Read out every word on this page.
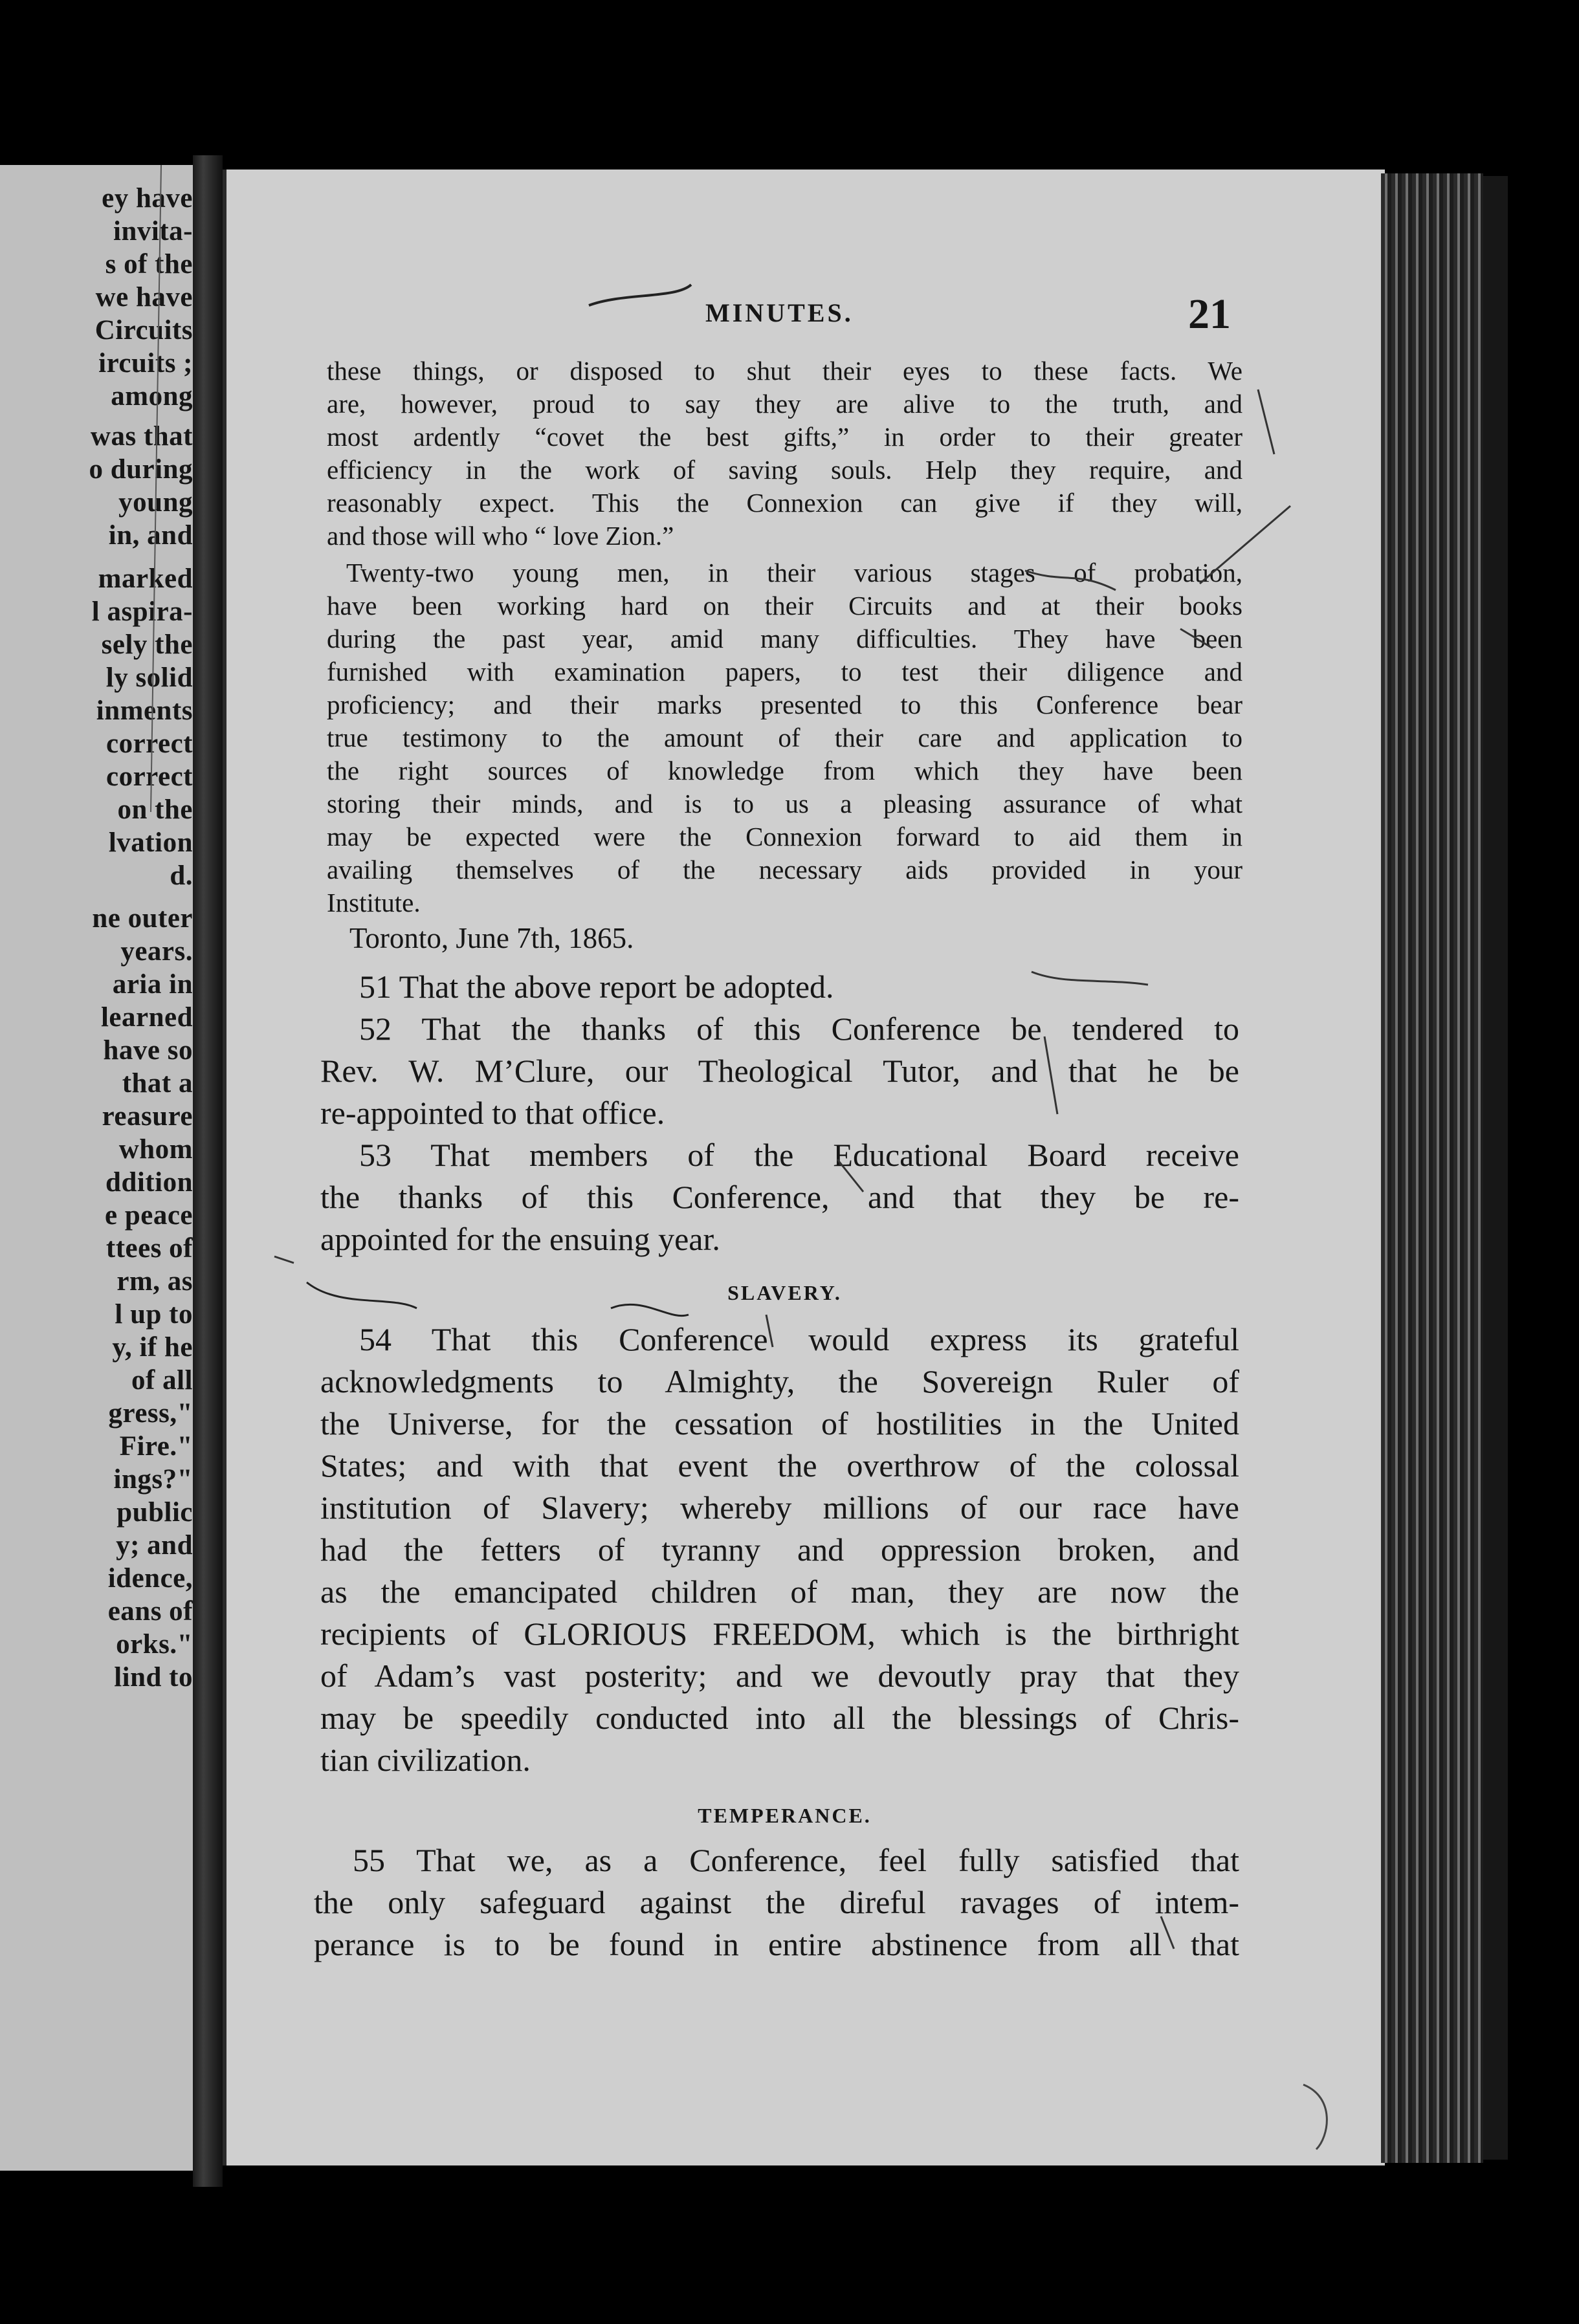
ey have
invita-
s of the
we have
Circuits
ircuits ;
among
was that
o during
young
in, and
marked
l aspira-
sely the
ly solid
inments
correct
correct
on the
lvation
d.
ne outer
years.
aria in
learned
have so
that a
reasure
whom
ddition
e peace
ttees of
rm, as
l up to
y, if he
of all
gress,"
Fire."
ings?"
public
y; and
idence,
eans of
orks."
lind to
MINUTES.	21
these things, or disposed to shut their eyes to these facts. We
are, however, proud to say they are alive to the truth, and
most ardently “covet the best gifts,” in order to their greater
efficiency in the work of saving souls. Help they require, and
reasonably expect. This the Connexion can give if they will,
and those will who “ love Zion.”
Twenty-two young men, in their various stages of probation,
have been working hard on their Circuits and at their books
during the past year, amid many difficulties. They have been
furnished with examination papers, to test their diligence and
proficiency; and their marks presented to this Conference bear
true testimony to the amount of their care and application to
the right sources of knowledge from which they have been
storing their minds, and is to us a pleasing assurance of what
may be expected were the Connexion forward to aid them in
availing themselves of the necessary aids provided in your
Institute.
Toronto, June 7th, 1865.
51 That the above report be adopted.
52 That the thanks of this Conference be tendered to
Rev. W. M’Clure, our Theological Tutor, and that he be
re-appointed to that office.
53 That members of the Educational Board receive
the thanks of this Conference, and that they be re-
appointed for the ensuing year.
SLAVERY.
54 That this Conference would express its grateful
acknowledgments to Almighty, the Sovereign Ruler of
the Universe, for the cessation of hostilities in the United
States; and with that event the overthrow of the colossal
institution of Slavery; whereby millions of our race have
had the fetters of tyranny and oppression broken, and
as the emancipated children of man, they are now the
recipients of GLORIOUS FREEDOM, which is the birthright
of Adam’s vast posterity; and we devoutly pray that they
may be speedily conducted into all the blessings of Chris-
tian civilization.
TEMPERANCE.
55 That we, as a Conference, feel fully satisfied that
the only safeguard against the direful ravages of intem-
perance is to be found in entire abstinence from all that
